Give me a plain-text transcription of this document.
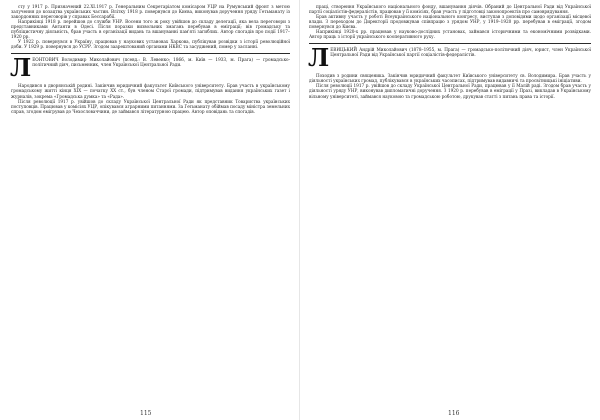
сту у 1917 р. Призначений 22.XI.1917 р. Генеральним Секретаріатом комісаром УЦР на Румунський фронт з метою залучення до козацтва українських частин. Влітку 1918 р. повернувся до Києва, виконував доручення уряду Гетьманату із закордонних переговорів у справах Бессарабії.

Наприкінці 1918 р. перейшов до служби УНР. Восени того ж року увійшов до складу делегації, яка вела переговори з представниками Антанти в Одесі. Після поразки визвольних змагань перебував в еміграції; вів громадську та публіцистичну діяльність, брав участь в організації видань та вшануванні пам'яті загиблих. Автор спогадів про події 1917–1920 рр.

У 1922 р. повернувся в Україну, працював у наукових установах Харкова, публікував розвідки з історії революційної доби. У 1929 р. повернувся до УСРР. Згодом заарештований органами НКВС та засуджений, помер у засланні.

Л ЕОНТОВИЧ Володимир Миколайович (псевд.: В. Левенко; 1866, м. Київ — 1933, м. Прага) — громадсько-політичний діяч, письменник, член Української Центральної Ради.

Народився в дворянській родині. Закінчив юридичний факультет Київського університету. Брав участь в українському громадському житті кінця XIX — початку XX ст., був членом Старої громади, підтримував видання українських газет і журналів, зокрема «Громадська думка» та «Рада».

Після революції 1917 р. увійшов до складу Української Центральної Ради як представник Товариства українських поступовців. Працював у комісіях УЦР, опікувався аграрними питаннями. За Гетьманату обіймав посаду міністра земельних справ, згодом емігрував до Чехословаччини, де займався літературною працею. Автор оповідань та спогадів.

праці, створення Українського національного фонду, вшанування діячів. Обраний до Центральної Ради від Української партії соціалістів-федералістів, працював у її комісіях, брав участь у підготовці законопроектів про самоврядування.

Брав активну участь у роботі Всеукраїнського національного конгресу, виступав з доповідями щодо організації місцевої влади. З переходом до Директорії продовжував співпрацю з урядом УНР, у 1919–1920 рр. перебував в еміграції, згодом повернувся до Києва.

Наприкінці 1920-х рр. працював у науково-дослідних установах, займався історичними та економічними розвідками. Автор праць з історії українського кооперативного руху.

Л ЕВИЦЬКИЙ Андрій Миколайович (1878–1955, м. Прага) — громадсько-політичний діяч, юрист, член Української Центральної Ради від Української партії соціалістів-федералістів.

Походив з родини священика. Закінчив юридичний факультет Київського університету св. Володимира. Брав участь у діяльності українських громад, публікувався в українських часописах, підтримував видавничі та просвітницькі ініціативи.

Після революції 1917 р. увійшов до складу Української Центральної Ради, працював у її Малій раді. Згодом брав участь у діяльності уряду УНР, виконував дипломатичні доручення. З 1920 р. перебував в еміграції у Празі, викладав в Українському вільному університеті, займався науковою та громадською роботою, друкував статті з питань права та історії.

115	116
